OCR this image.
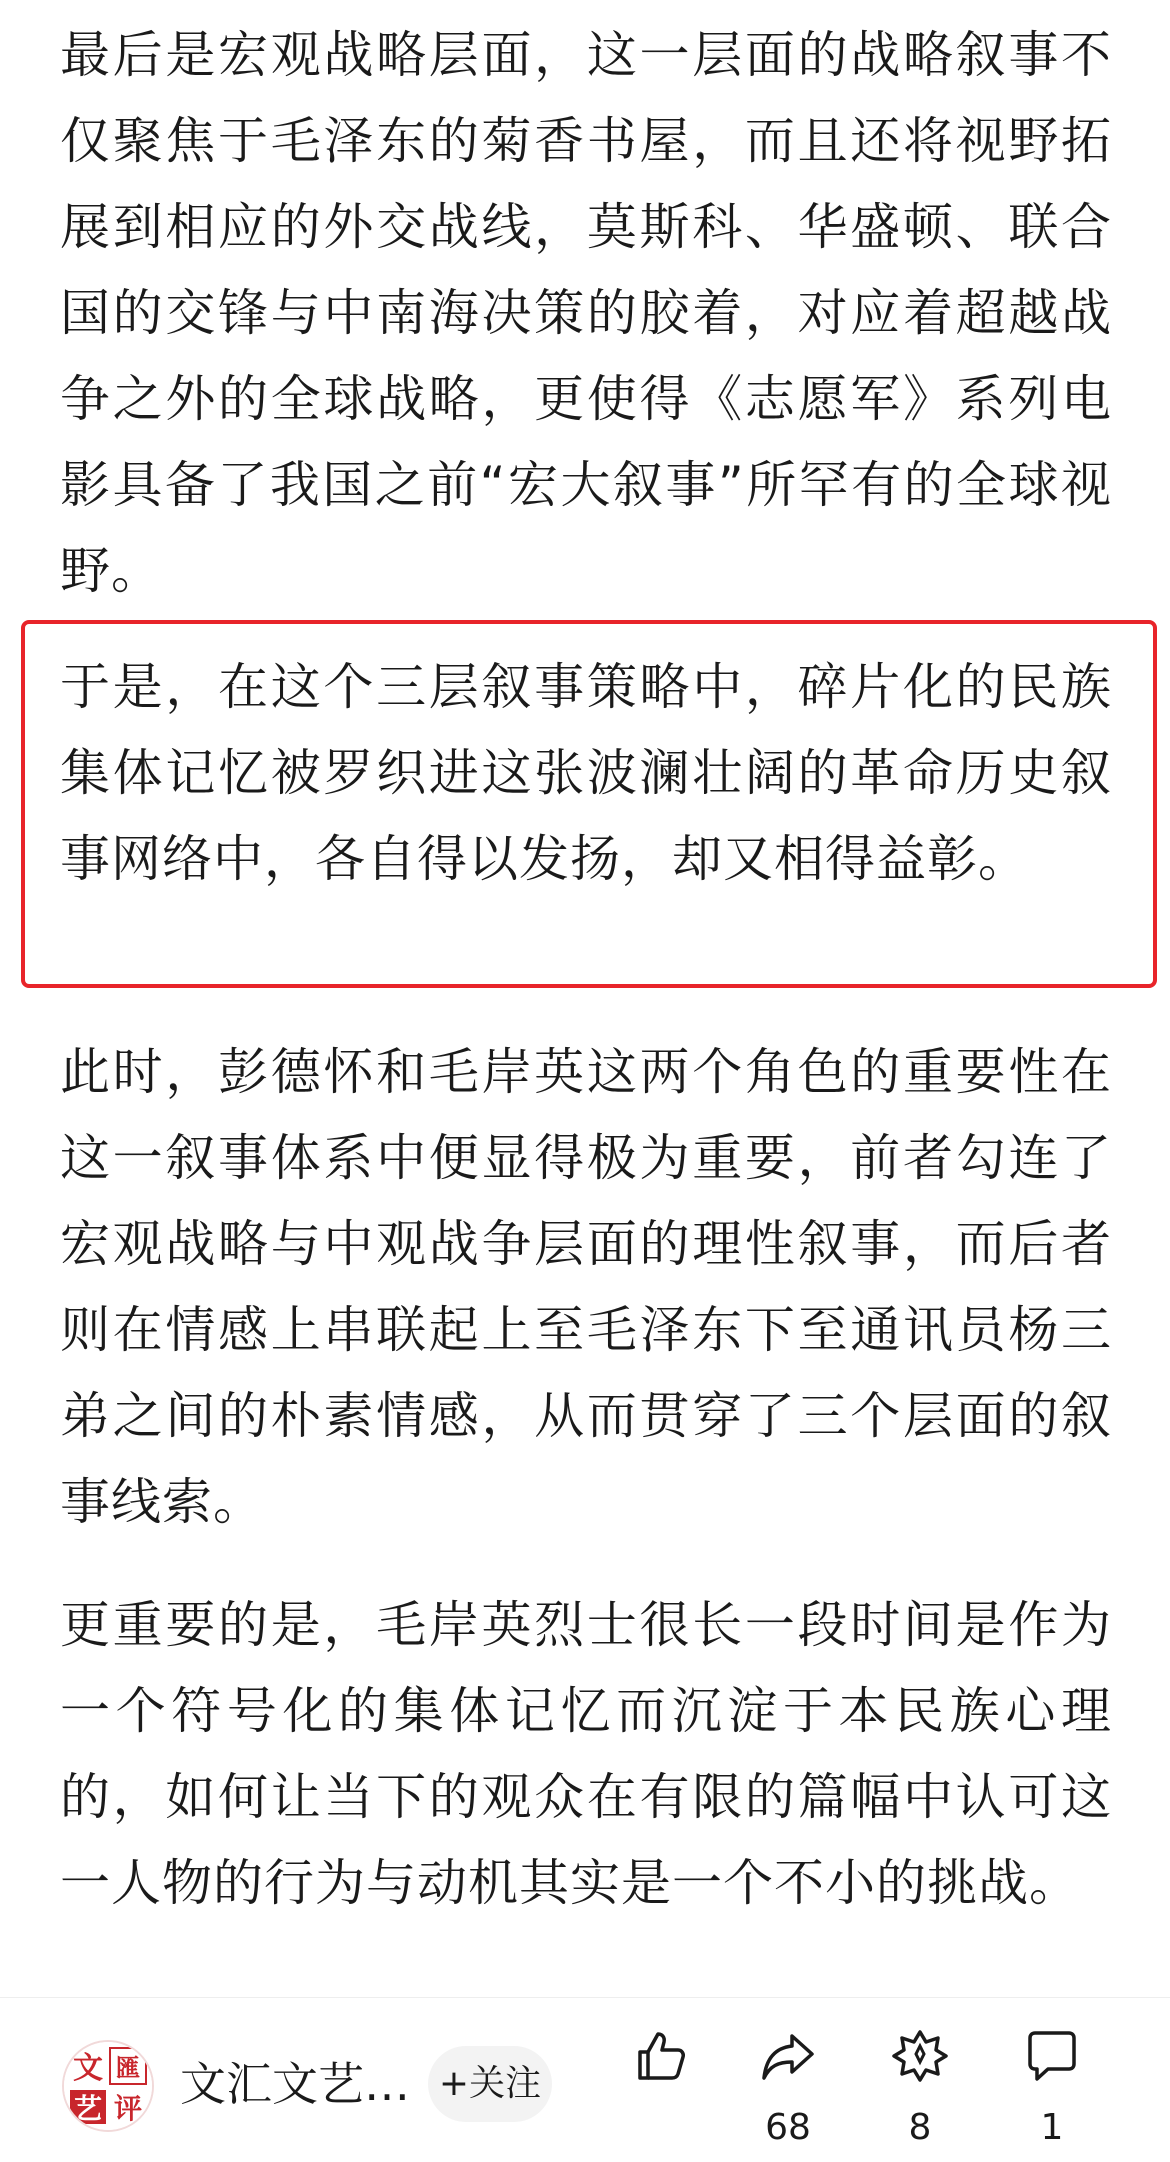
最后是宏观战略层面，这一层面的战略叙事不仅聚焦于毛泽东的菊香书屋，而且还将视野拓展到相应的外交战线，莫斯科、华盛顿、联合国的交锋与中南海决策的胶着，对应着超越战争之外的全球战略，更使得《志愿军》系列电影具备了我国之前“宏大叙事”所罕有的全球视野。

于是，在这个三层叙事策略中，碎片化的民族集体记忆被罗织进这张波澜壮阔的革命历史叙事网络中，各自得以发扬，却又相得益彰。

此时，彭德怀和毛岸英这两个角色的重要性在这一叙事体系中便显得极为重要，前者勾连了宏观战略与中观战争层面的理性叙事，而后者则在情感上串联起上至毛泽东下至通讯员杨三弟之间的朴素情感，从而贯穿了三个层面的叙事线索。

更重要的是，毛岸英烈士很长一段时间是作为一个符号化的集体记忆而沉淀于本民族心理的，如何让当下的观众在有限的篇幅中认可这一人物的行为与动机其实是一个不小的挑战。

文 匯
艺 评 文汇文艺… +关注
68	8	1
